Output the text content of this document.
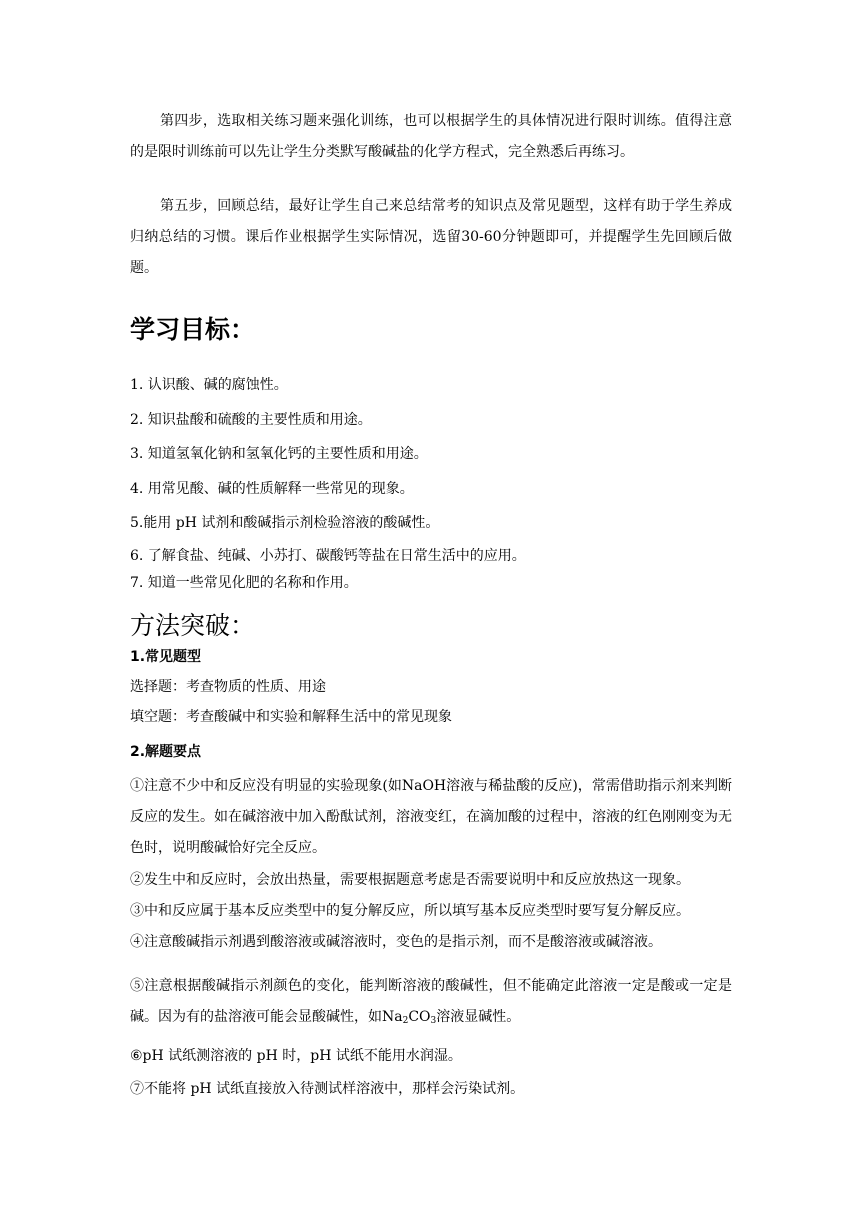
第四步，选取相关练习题来强化训练，也可以根据学生的具体情况进行限时训练。值得注意的是限时训练前可以先让学生分类默写酸碱盐的化学方程式，完全熟悉后再练习。

第五步，回顾总结，最好让学生自己来总结常考的知识点及常见题型，这样有助于学生养成归纳总结的习惯。课后作业根据学生实际情况，选留30-60分钟题即可，并提醒学生先回顾后做题。

学习目标：

1. 认识酸、碱的腐蚀性。

2. 知识盐酸和硫酸的主要性质和用途。

3. 知道氢氧化钠和氢氧化钙的主要性质和用途。

4. 用常见酸、碱的性质解释一些常见的现象。

5.能用 pH 试剂和酸碱指示剂检验溶液的酸碱性。

6. 了解食盐、纯碱、小苏打、碳酸钙等盐在日常生活中的应用。

7. 知道一些常见化肥的名称和作用。

方法突破：

1.常见题型

选择题：考查物质的性质、用途

填空题：考查酸碱中和实验和解释生活中的常见现象

2.解题要点

①注意不少中和反应没有明显的实验现象(如NaOH溶液与稀盐酸的反应)，常需借助指示剂来判断反应的发生。如在碱溶液中加入酚酞试剂，溶液变红，在滴加酸的过程中，溶液的红色刚刚变为无色时，说明酸碱恰好完全反应。

②发生中和反应时，会放出热量，需要根据题意考虑是否需要说明中和反应放热这一现象。

③中和反应属于基本反应类型中的复分解反应，所以填写基本反应类型时要写复分解反应。

④注意酸碱指示剂遇到酸溶液或碱溶液时，变色的是指示剂，而不是酸溶液或碱溶液。

⑤注意根据酸碱指示剂颜色的变化，能判断溶液的酸碱性，但不能确定此溶液一定是酸或一定是碱。因为有的盐溶液可能会显酸碱性，如Na2CO3溶液显碱性。

⑥pH 试纸测溶液的 pH 时，pH 试纸不能用水润湿。

⑦不能将 pH 试纸直接放入待测试样溶液中，那样会污染试剂。
